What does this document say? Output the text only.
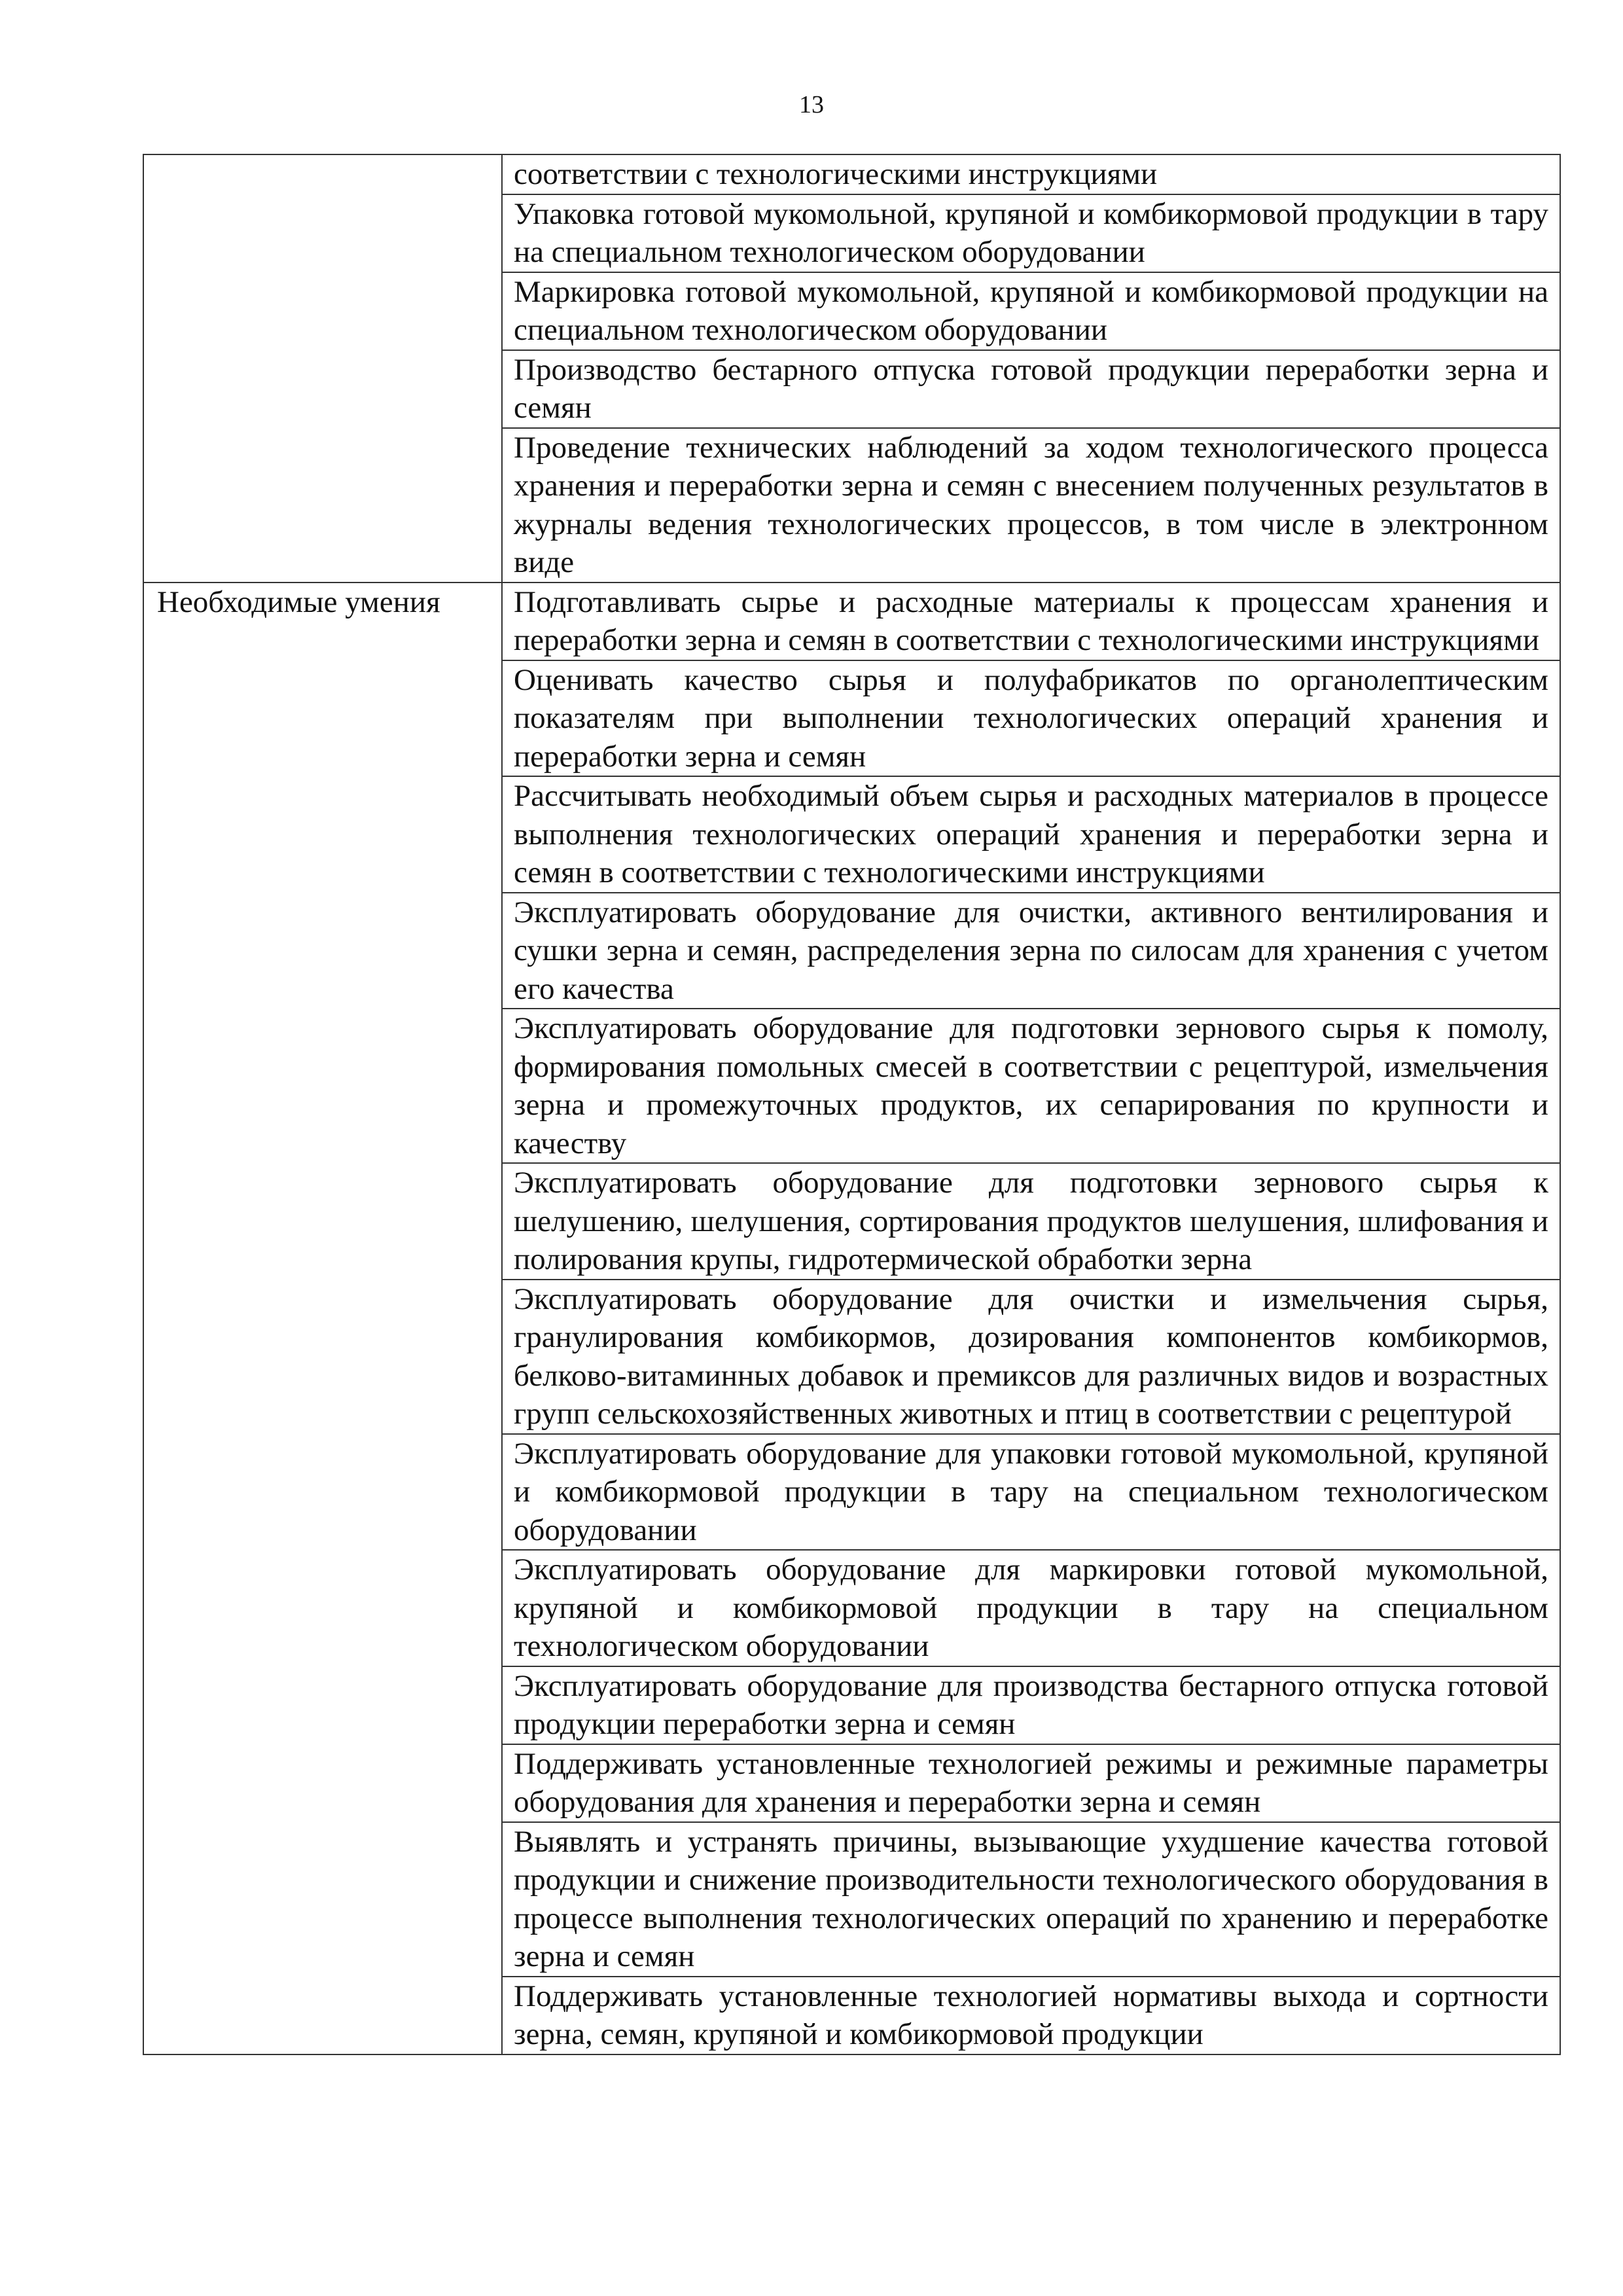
13
	соответствии с технологическими инструкциями
	Упаковка готовой мукомольной, крупяной и комбикормовой продукции в тару на специальном технологическом оборудовании
	Маркировка готовой мукомольной, крупяной и комбикормовой продукции на специальном технологическом оборудовании
	Производство бестарного отпуска готовой продукции переработки зерна и семян
	Проведение технических наблюдений за ходом технологического процесса хранения и переработки зерна и семян с внесением полученных результатов в журналы ведения технологических процессов, в том числе в электронном виде
Необходимые умения	Подготавливать сырье и расходные материалы к процессам хранения и переработки зерна и семян в соответствии с технологическими инструкциями
	Оценивать качество сырья и полуфабрикатов по органолептическим показателям при выполнении технологических операций хранения и переработки зерна и семян
	Рассчитывать необходимый объем сырья и расходных материалов в процессе выполнения технологических операций хранения и переработки зерна и семян в соответствии с технологическими инструкциями
	Эксплуатировать оборудование для очистки, активного вентилирования и сушки зерна и семян, распределения зерна по силосам для хранения с учетом его качества
	Эксплуатировать оборудование для подготовки зернового сырья к помолу, формирования помольных смесей в соответствии с рецептурой, измельчения зерна и промежуточных продуктов, их сепарирования по крупности и качеству
	Эксплуатировать оборудование для подготовки зернового сырья к шелушению, шелушения, сортирования продуктов шелушения, шлифования и полирования крупы, гидротермической обработки зерна
	Эксплуатировать оборудование для очистки и измельчения сырья, гранулирования комбикормов, дозирования компонентов комбикормов, белково-витаминных добавок и премиксов для различных видов и возрастных групп сельскохозяйственных животных и птиц в соответствии с рецептурой
	Эксплуатировать оборудование для упаковки готовой мукомольной, крупяной и комбикормовой продукции в тару на специальном технологическом оборудовании
	Эксплуатировать оборудование для маркировки готовой мукомольной, крупяной и комбикормовой продукции в тару на специальном технологическом оборудовании
	Эксплуатировать оборудование для производства бестарного отпуска готовой продукции переработки зерна и семян
	Поддерживать установленные технологией режимы и режимные параметры оборудования для хранения и переработки зерна и семян
	Выявлять и устранять причины, вызывающие ухудшение качества готовой продукции и снижение производительности технологического оборудования в процессе выполнения технологических операций по хранению и переработке зерна и семян
	Поддерживать установленные технологией нормативы выхода и сортности зерна, семян, крупяной и комбикормовой продукции
